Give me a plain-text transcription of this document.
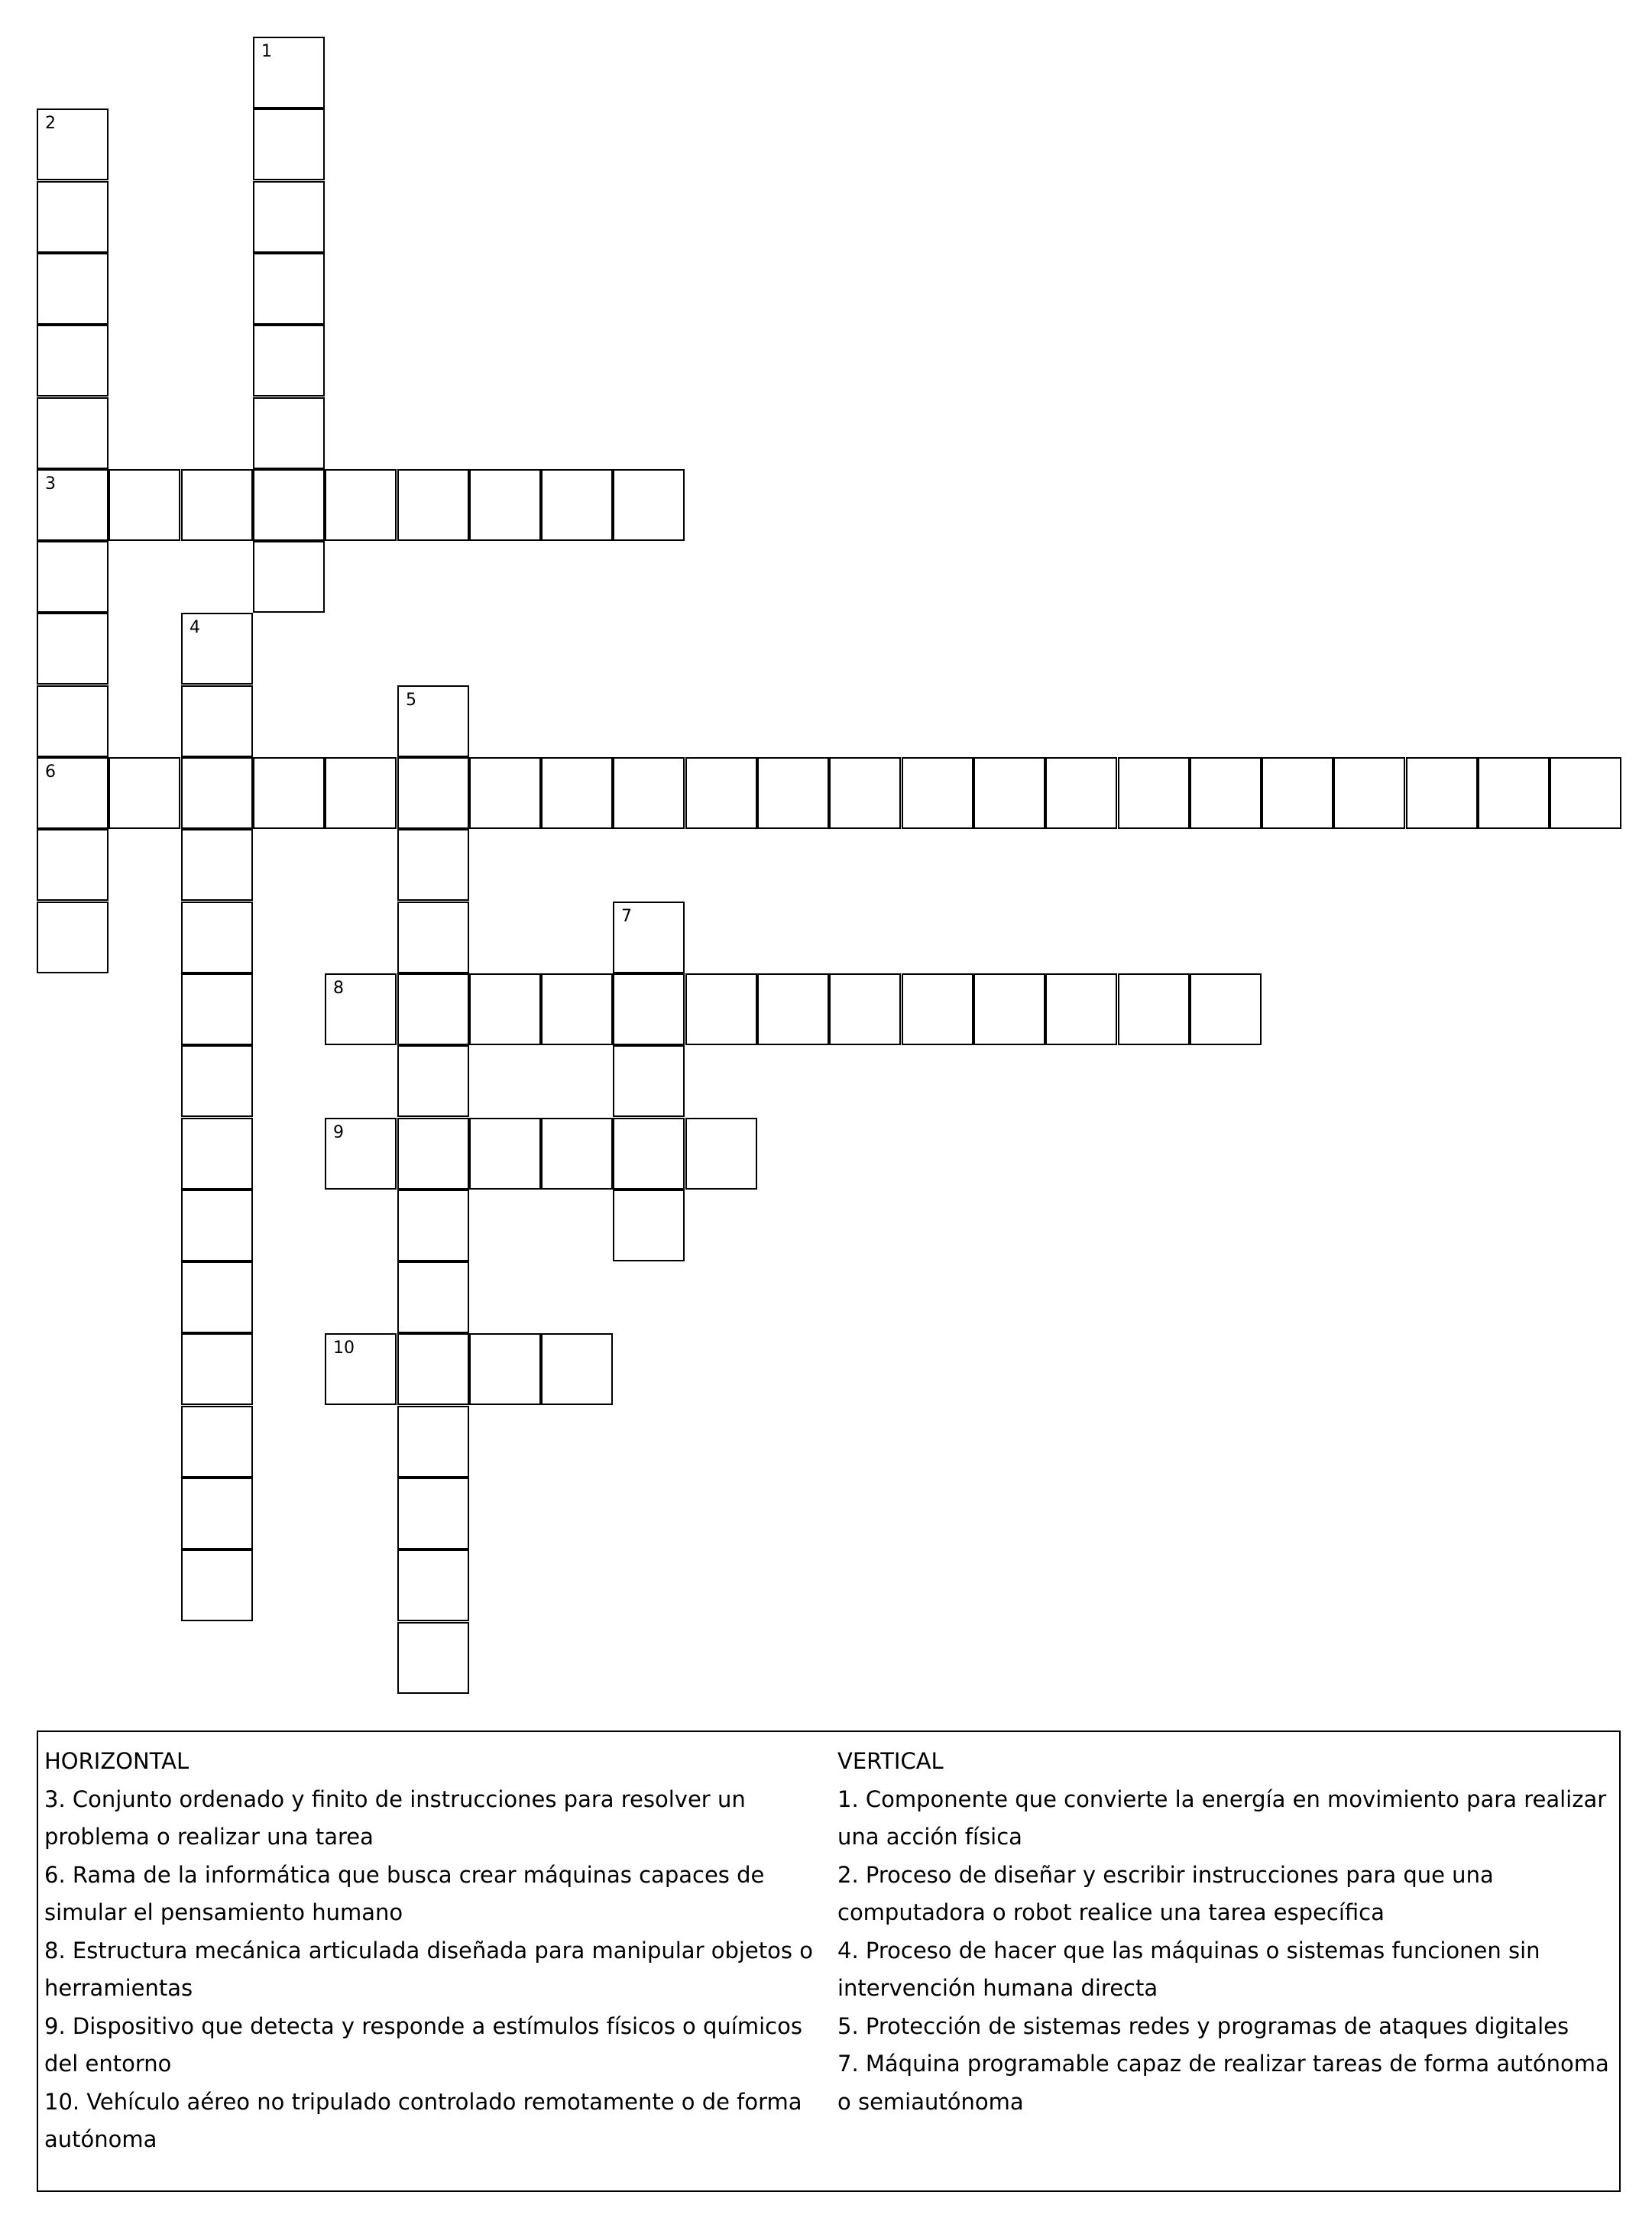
1
2
3
6
4
5
7
8
9
10
HORIZONTAL
3. Conjunto ordenado y finito de instrucciones para resolver un problema o realizar una tarea
6. Rama de la informática que busca crear máquinas capaces de simular el pensamiento humano
8. Estructura mecánica articulada diseñada para manipular objetos o herramientas
9. Dispositivo que detecta y responde a estímulos físicos o químicos del entorno
10. Vehículo aéreo no tripulado controlado remotamente o de forma autónoma
VERTICAL
1. Componente que convierte la energía en movimiento para realizar una acción física
2. Proceso de diseñar y escribir instrucciones para que una computadora o robot realice una tarea específica
4. Proceso de hacer que las máquinas o sistemas funcionen sin intervención humana directa
5. Protección de sistemas redes y programas de ataques digitales
7. Máquina programable capaz de realizar tareas de forma autónoma o semiautónoma
